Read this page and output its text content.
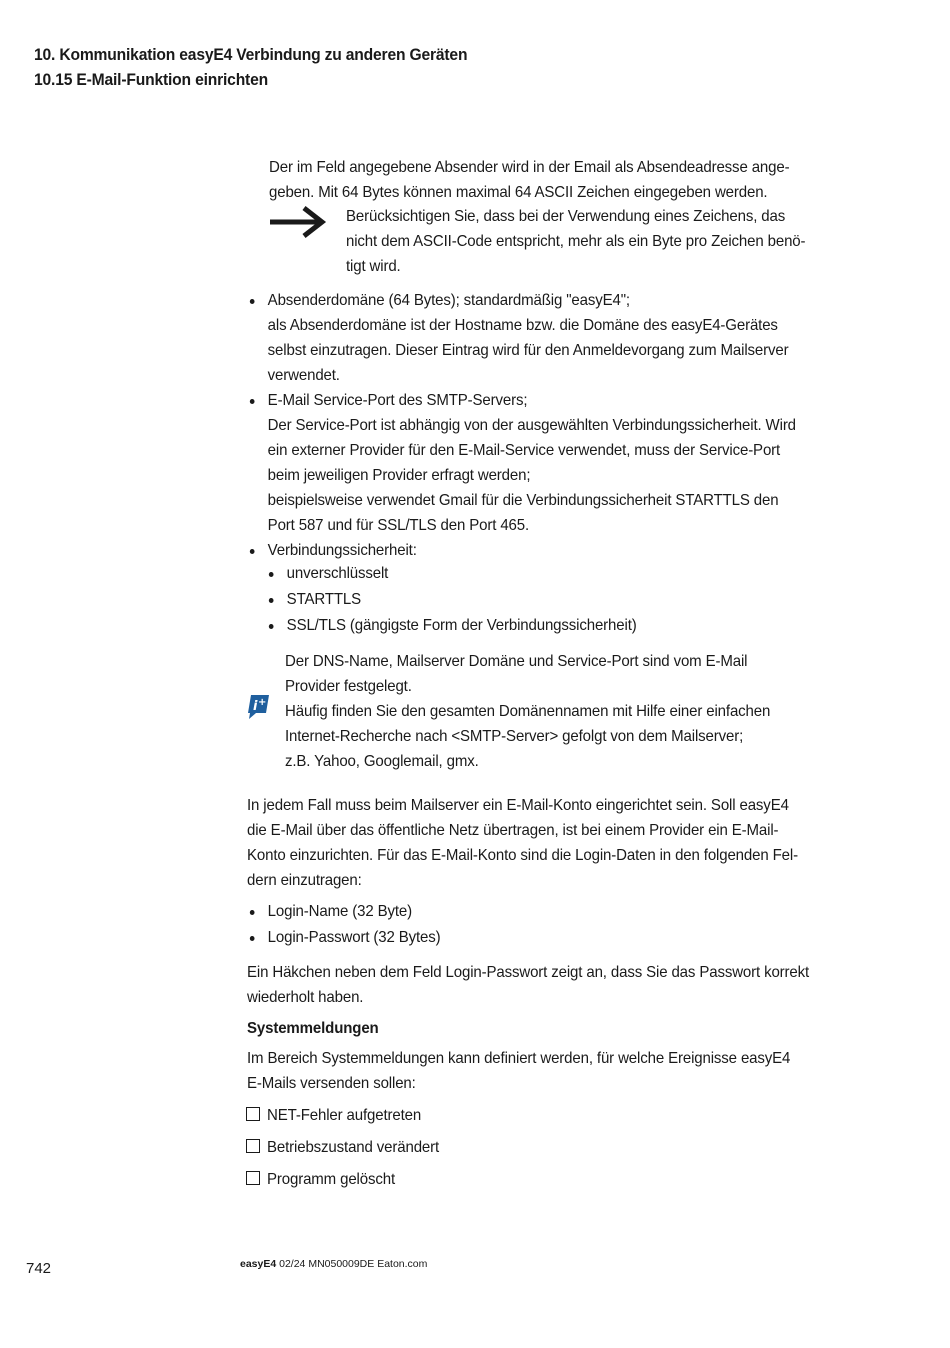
10. Kommunikation easyE4 Verbindung zu anderen Geräten
10.15 E-Mail-Funktion einrichten
Der im Feld angegebene Absender wird in der Email als Absendeadresse ange-
geben. Mit 64 Bytes können maximal 64 ASCII Zeichen eingegeben werden.
Berücksichtigen Sie, dass bei der Verwendung eines Zeichens, das
nicht dem ASCII-Code entspricht, mehr als ein Byte pro Zeichen benö-
tigt wird.
Absenderdomäne (64 Bytes); standardmäßig "easyE4";
als Absenderdomäne ist der Hostname bzw. die Domäne des easyE4-Gerätes
selbst einzutragen. Dieser Eintrag wird für den Anmeldevorgang zum Mailserver
verwendet.
E-Mail Service-Port des SMTP-Servers;
Der Service-Port ist abhängig von der ausgewählten Verbindungssicherheit. Wird
ein externer Provider für den E-Mail-Service verwendet, muss der Service-Port
beim jeweiligen Provider erfragt werden;
beispielsweise verwendet Gmail für die Verbindungssicherheit STARTTLS den
Port 587 und für SSL/TLS den Port 465.
Verbindungssicherheit:
unverschlüsselt
STARTTLS
SSL/TLS (gängigste Form der Verbindungssicherheit)
i +
Der DNS-Name, Mailserver Domäne und Service-Port sind vom E-Mail
Provider festgelegt.
Häufig finden Sie den gesamten Domänennamen mit Hilfe einer einfachen
Internet-Recherche nach <SMTP-Server> gefolgt von dem Mailserver;
z.B. Yahoo, Googlemail, gmx.
In jedem Fall muss beim Mailserver ein E-Mail-Konto eingerichtet sein. Soll easyE4
die E-Mail über das öffentliche Netz übertragen, ist bei einem Provider ein E-Mail-
Konto einzurichten. Für das E-Mail-Konto sind die Login-Daten in den folgenden Fel-
dern einzutragen:
Login-Name (32 Byte)
Login-Passwort (32 Bytes)
Ein Häkchen neben dem Feld Login-Passwort zeigt an, dass Sie das Passwort korrekt
wiederholt haben.
Systemmeldungen
Im Bereich Systemmeldungen kann definiert werden, für welche Ereignisse easyE4
E-Mails versenden sollen:
NET-Fehler aufgetreten
Betriebszustand verändert
Programm gelöscht
742	easyE4 02/24 MN050009DE Eaton.com
